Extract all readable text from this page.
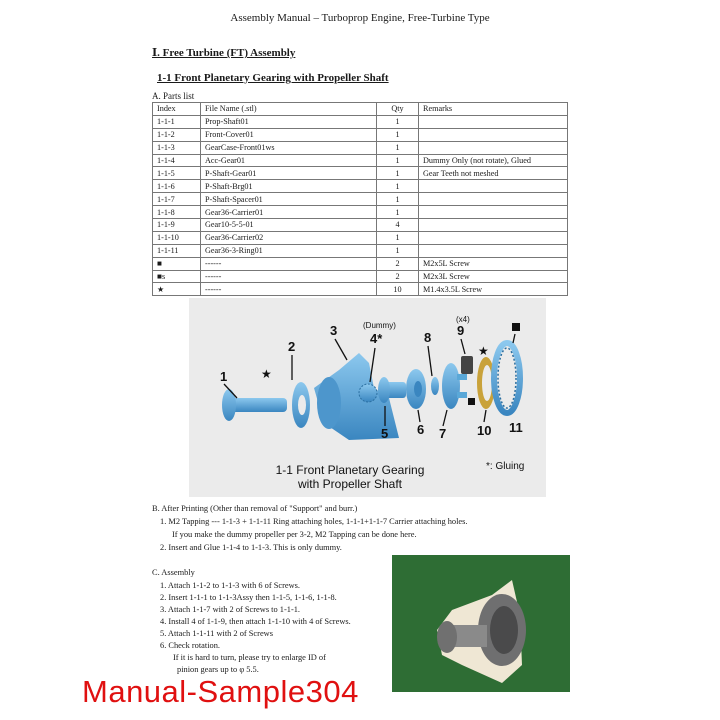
Assembly Manual – Turboprop Engine, Free-Turbine Type
Ⅰ. Free Turbine (FT) Assembly
1-1 Front Planetary Gearing with Propeller Shaft
A. Parts list
Index	File Name (.stl)	Qty	Remarks
1-1-1	Prop-Shaft01	1	
1-1-2	Front-Cover01	1	
1-1-3	GearCase-Front01ws	1	
1-1-4	Acc-Gear01	1	Dummy Only (not rotate), Glued
1-1-5	P-Shaft-Gear01	1	Gear Teeth not meshed
1-1-6	P-Shaft-Brg01	1	
1-1-7	P-Shaft-Spacer01	1	
1-1-8	Gear36-Carrier01	1	
1-1-9	Gear10-5-5-01	4	
1-1-10	Gear36-Carrier02	1	
1-1-11	Gear36-3-Ring01	1	
■	------	2	M2x5L Screw
■s	------	2	M2x3L Screw
★	------	10	M1.4x3.5L Screw
1
2
3
4*
5 6 7
8 9
10 11
(Dummy)
(x4)
★
★
1-1 Front Planetary Gearing
with Propeller Shaft
*: Gluing
B. After Printing (Other than removal of "Support" and burr.)
1. M2 Tapping --- 1-1-3 + 1-1-11 Ring attaching holes, 1-1-1+1-1-7 Carrier attaching holes.
If you make the dummy propeller per 3-2, M2 Tapping can be done here.
2. Insert and Glue 1-1-4 to 1-1-3. This is only dummy.
C. Assembly
1. Attach 1-1-2 to 1-1-3 with 6 of Screws.
2. Insert 1-1-1 to 1-1-3Assy then 1-1-5, 1-1-6, 1-1-8.
3. Attach 1-1-7 with 2 of Screws to 1-1-1.
4. Install 4 of 1-1-9, then attach 1-1-10 with 4 of Screws.
5. Attach 1-1-11 with 2 of Screws
6. Check rotation.
If it is hard to turn, please try to enlarge ID of
pinion gears up to φ 5.5.
Manual-Sample304
